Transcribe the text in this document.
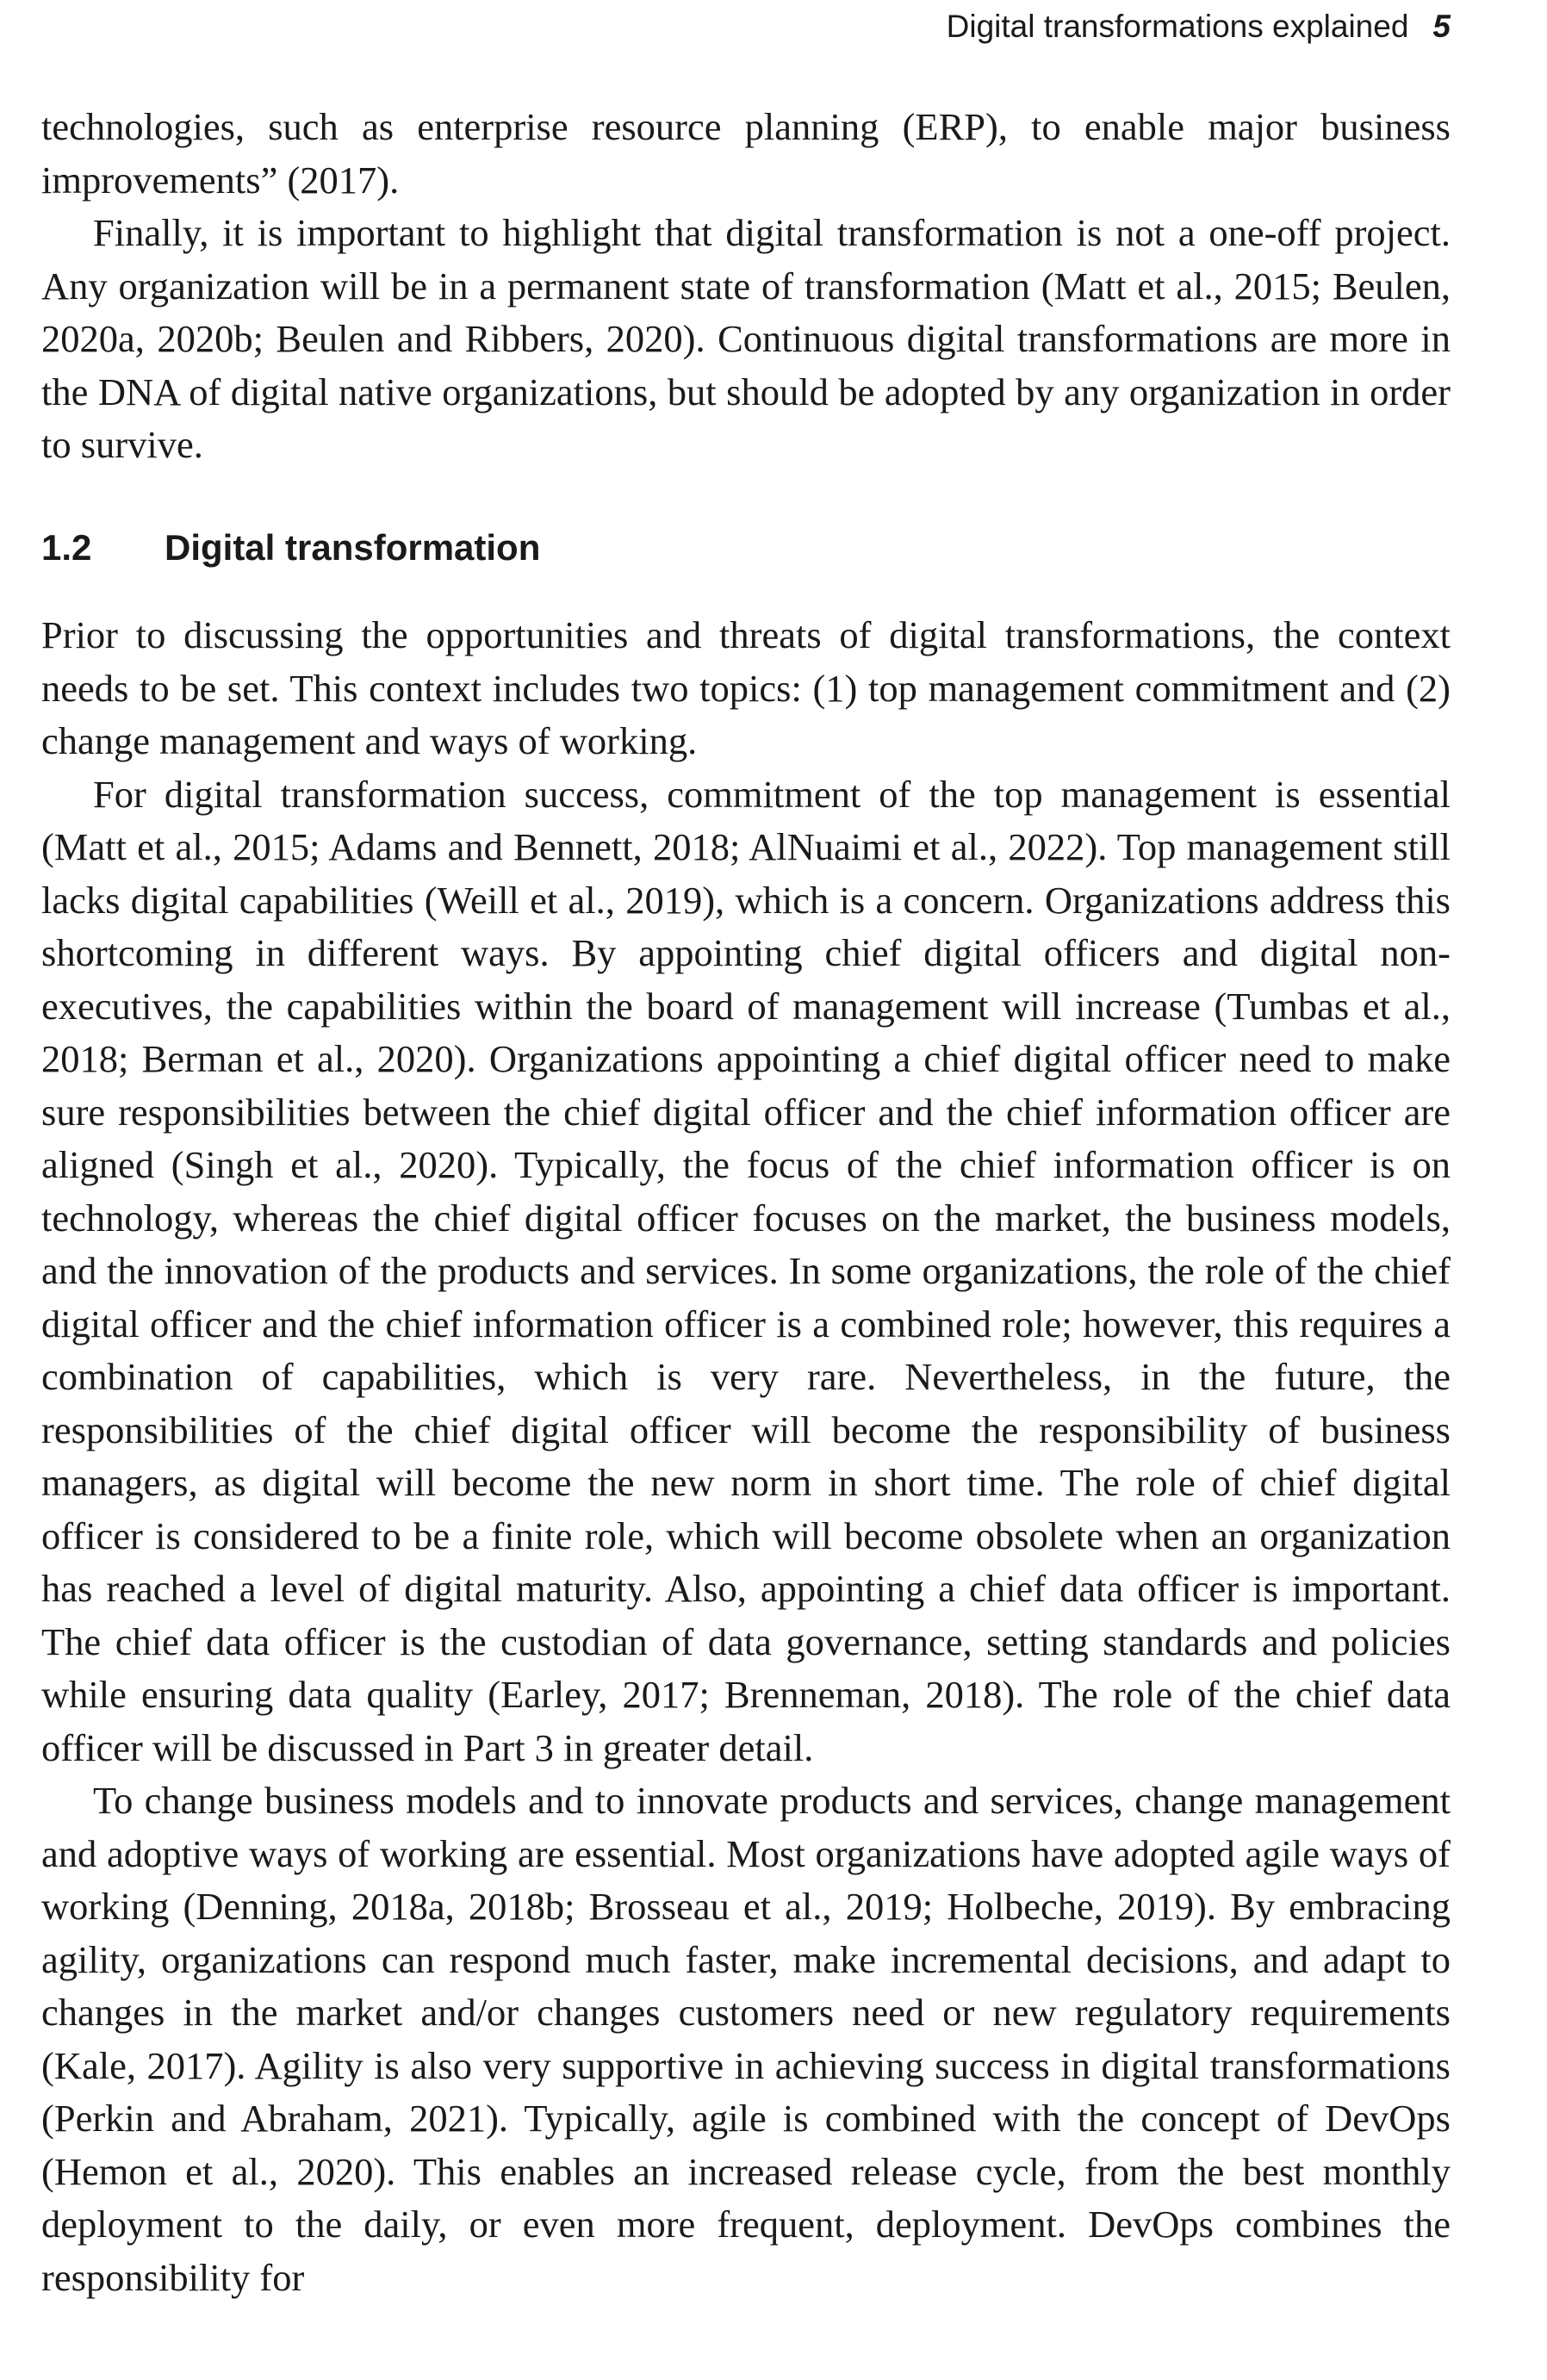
Digital transformations explained 5

technologies, such as enterprise resource planning (ERP), to enable major business improvements” (2017).

Finally, it is important to highlight that digital transformation is not a one-off project. Any organization will be in a permanent state of transformation (Matt et al., 2015; Beulen, 2020a, 2020b; Beulen and Ribbers, 2020). Continuous digital transformations are more in the DNA of digital native organizations, but should be adopted by any organization in order to survive.

1.2 Digital transformation

Prior to discussing the opportunities and threats of digital transformations, the context needs to be set. This context includes two topics: (1) top management commitment and (2) change management and ways of working.

For digital transformation success, commitment of the top management is essential (Matt et al., 2015; Adams and Bennett, 2018; AlNuaimi et al., 2022). Top management still lacks digital capabilities (Weill et al., 2019), which is a concern. Organizations address this shortcoming in different ways. By appointing chief digital officers and digital non-executives, the capabilities within the board of management will increase (Tumbas et al., 2018; Berman et al., 2020). Organizations appointing a chief digital officer need to make sure responsibilities between the chief digital officer and the chief information officer are aligned (Singh et al., 2020). Typically, the focus of the chief information officer is on technology, whereas the chief digital officer focuses on the market, the business models, and the innovation of the products and services. In some organizations, the role of the chief digital officer and the chief information officer is a combined role; however, this requires a combination of capabilities, which is very rare. Nevertheless, in the future, the responsibilities of the chief digital officer will become the responsibility of business managers, as digital will become the new norm in short time. The role of chief digital officer is considered to be a finite role, which will become obsolete when an organization has reached a level of digital maturity. Also, appointing a chief data officer is important. The chief data officer is the custodian of data governance, setting standards and policies while ensuring data quality (Earley, 2017; Brenneman, 2018). The role of the chief data officer will be discussed in Part 3 in greater detail.

To change business models and to innovate products and services, change management and adoptive ways of working are essential. Most organizations have adopted agile ways of working (Denning, 2018a, 2018b; Brosseau et al., 2019; Holbeche, 2019). By embracing agility, organizations can respond much faster, make incremental decisions, and adapt to changes in the market and/or changes customers need or new regulatory requirements (Kale, 2017). Agility is also very supportive in achieving success in digital transformations (Perkin and Abraham, 2021). Typically, agile is combined with the concept of DevOps (Hemon et al., 2020). This enables an increased release cycle, from the best monthly deployment to the daily, or even more frequent, deployment. DevOps combines the responsibility for
